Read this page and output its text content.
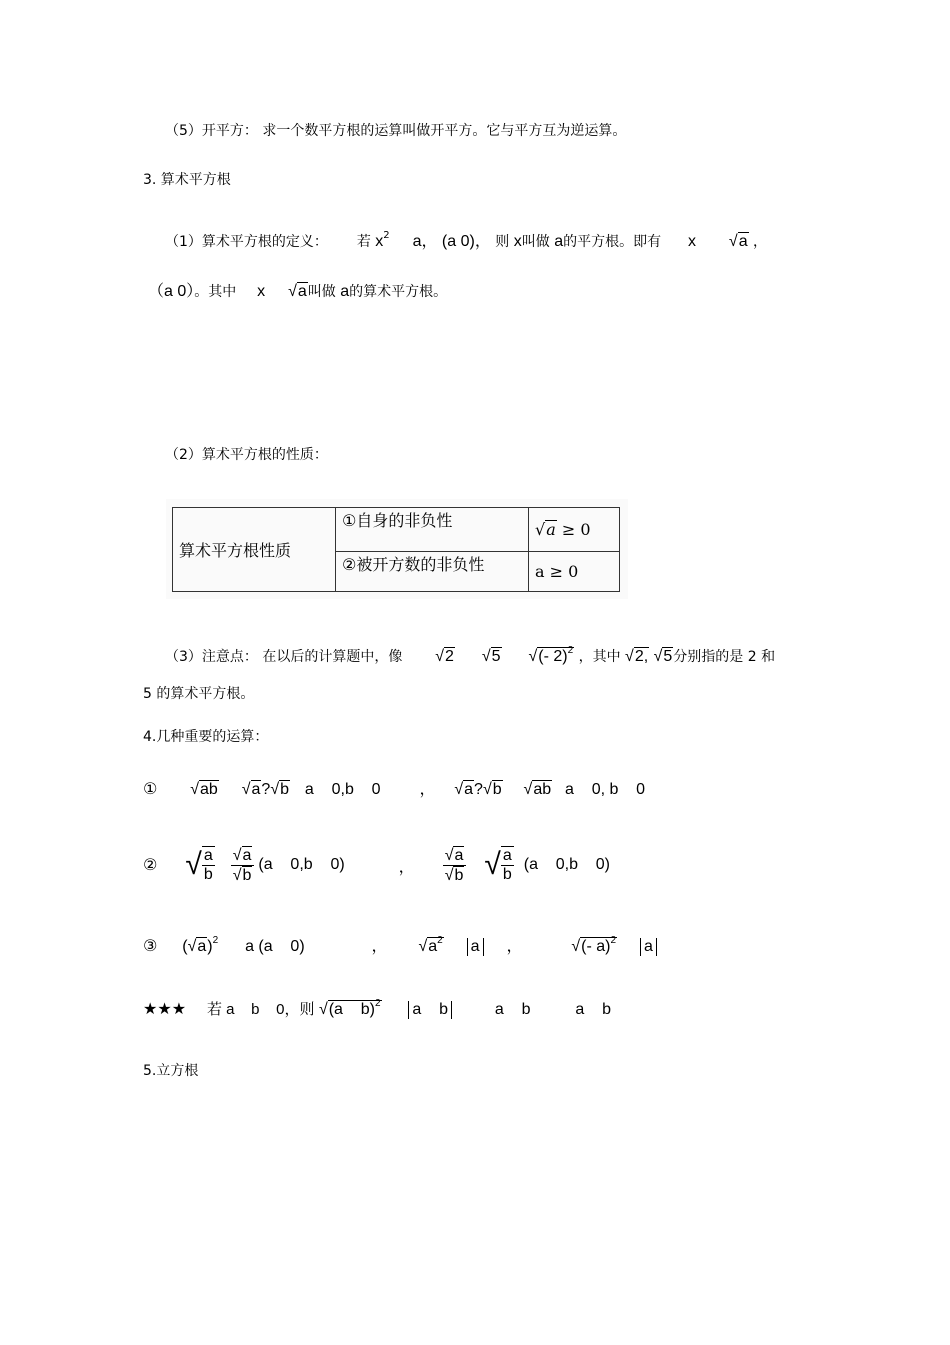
（5）开平方： 求一个数平方根的运算叫做开平方。它与平方互为逆运算。
3. 算术平方根
（1）算术平方根的定义： 若 $x^2$ a， (a 0)， 则 x叫做 a的平方根。即有 x √a ，
（a 0）。其中 x √a叫做 a的算术平方根。
（2）算术平方根的性质：
算术平方根性质	①自身的非负性	√a ≥ 0
	②被开方数的非负性	a ≥ 0
（3）注意点： 在以后的计算题中，像 √2 √5 √(- 2)$^2$ ，其中 √2, √5分别指的是 2 和
5 的算术平方根。
4.几种重要的运算：
① √ab √a?√b a    0,b    0 ， √a?√b √ab a    0, b    0
② √ $\frac{a}{b} \frac{√a}{√b} (a$    0,b    0)	， $\frac{√a}{√b}$ √ $\frac{a}{b} (a$    0,b    0)
③ $(√a)^2$ a (a    0)	， $√a^2$ a ，	√(- a)$^2$ a
★★★ 若 a    b    0，则 √(a    b)$^2$ a    b	a    b	a    b
5.立方根
